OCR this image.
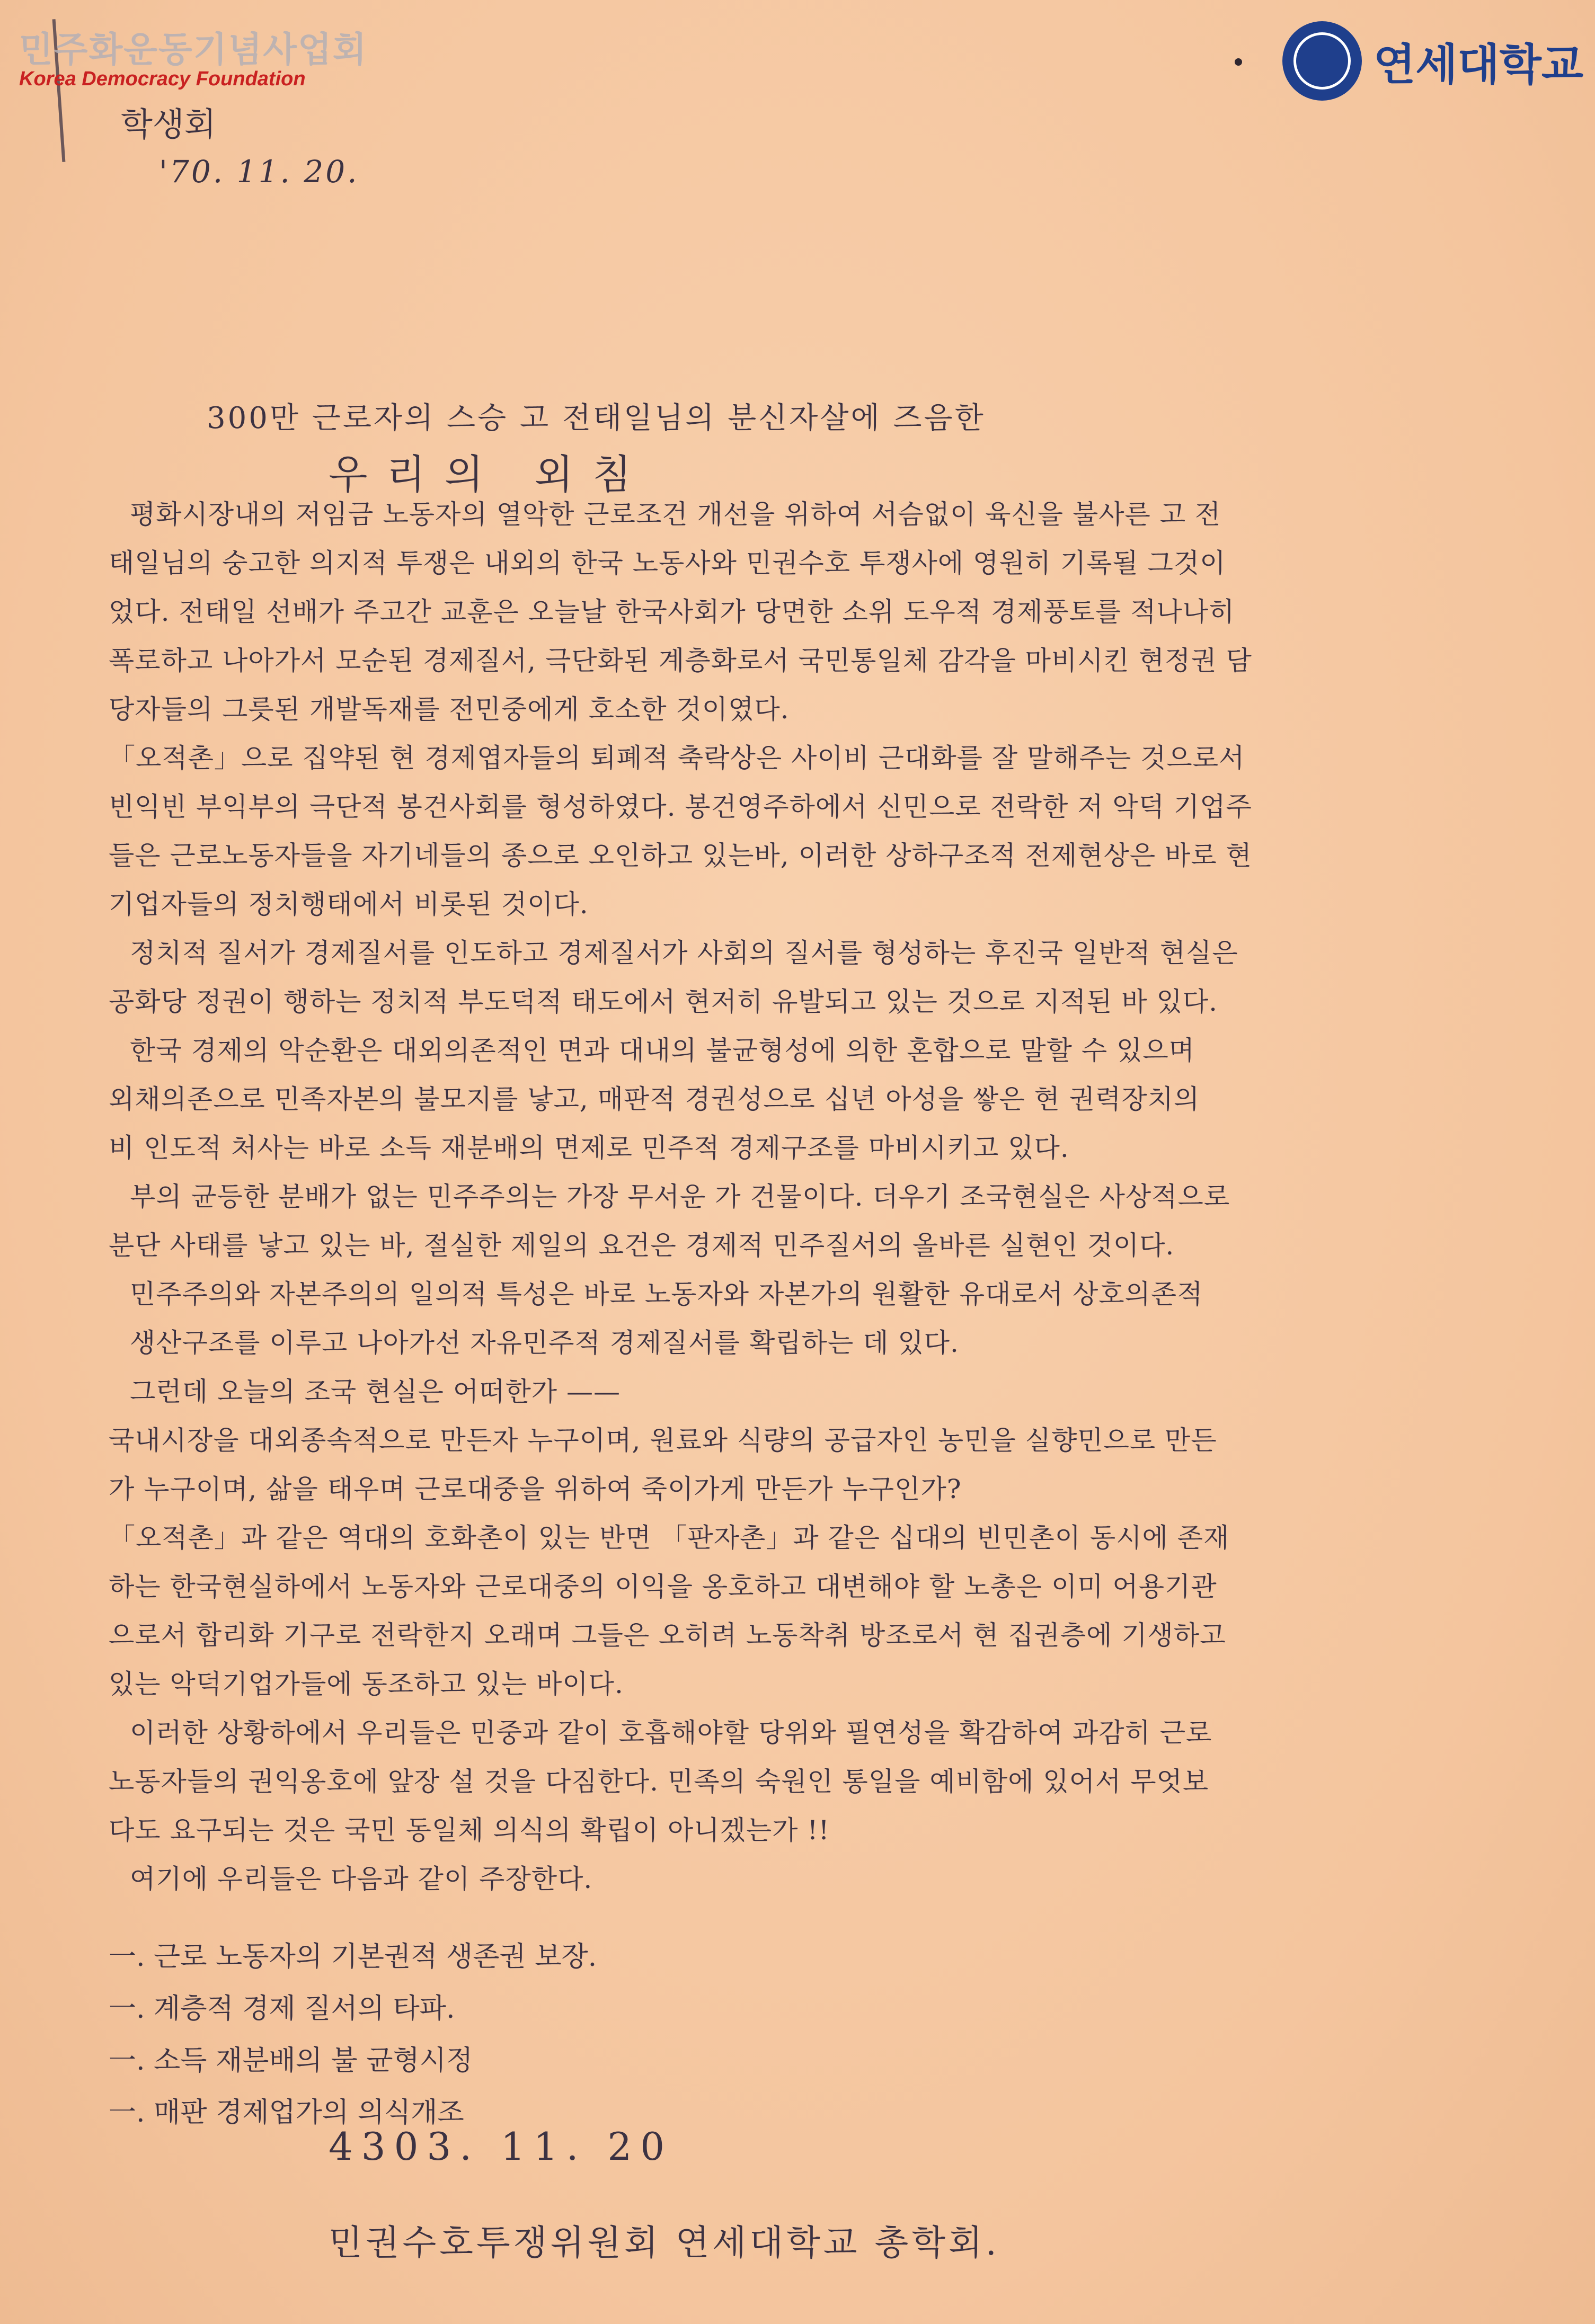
민주화운동기념사업회
Korea Democracy Foundation
학생회
'70. 11. 20.
연세대학교
300만 근로자의 스승 고 전태일님의 분신자살에 즈음한
우리의 외침
평화시장내의 저임금 노동자의 열악한 근로조건 개선을 위하여 서슴없이 육신을 불사른 고 전
태일님의 숭고한 의지적 투쟁은 내외의 한국 노동사와 민권수호 투쟁사에 영원히 기록될 그것이
었다. 전태일 선배가 주고간 교훈은 오늘날 한국사회가 당면한 소위 도우적 경제풍토를 적나나히
폭로하고 나아가서 모순된 경제질서, 극단화된 계층화로서 국민통일체 감각을 마비시킨 현정권 담
당자들의 그릇된 개발독재를 전민중에게 호소한 것이였다.
「오적촌」으로 집약된 현 경제엽자들의 퇴폐적 축락상은 사이비 근대화를 잘 말해주는 것으로서
빈익빈 부익부의 극단적 봉건사회를 형성하였다. 봉건영주하에서 신민으로 전락한 저 악덕 기업주
들은 근로노동자들을 자기네들의 종으로 오인하고 있는바, 이러한 상하구조적 전제현상은 바로 현
기업자들의 정치행태에서 비롯된 것이다.
정치적 질서가 경제질서를 인도하고 경제질서가 사회의 질서를 형성하는 후진국 일반적 현실은
공화당 정권이 행하는 정치적 부도덕적 태도에서 현저히 유발되고 있는 것으로 지적된 바 있다.
한국 경제의 악순환은 대외의존적인 면과 대내의 불균형성에 의한 혼합으로 말할 수 있으며
외채의존으로 민족자본의 불모지를 낳고, 매판적 경권성으로 십년 아성을 쌓은 현 권력장치의
비 인도적 처사는 바로 소득 재분배의 면제로 민주적 경제구조를 마비시키고 있다.
부의 균등한 분배가 없는 민주주의는 가장 무서운 가 건물이다. 더우기 조국현실은 사상적으로
분단 사태를 낳고 있는 바, 절실한 제일의 요건은 경제적 민주질서의 올바른 실현인 것이다.
민주주의와 자본주의의 일의적 특성은 바로 노동자와 자본가의 원활한 유대로서 상호의존적
생산구조를 이루고 나아가선 자유민주적 경제질서를 확립하는 데 있다.
그런데 오늘의 조국 현실은 어떠한가 ——
국내시장을 대외종속적으로 만든자 누구이며, 원료와 식량의 공급자인 농민을 실향민으로 만든
가 누구이며, 삶을 태우며 근로대중을 위하여 죽이가게 만든가 누구인가?
「오적촌」과 같은 역대의 호화촌이 있는 반면 「판자촌」과 같은 십대의 빈민촌이 동시에 존재
하는 한국현실하에서 노동자와 근로대중의 이익을 옹호하고 대변해야 할 노총은 이미 어용기관
으로서 합리화 기구로 전락한지 오래며 그들은 오히려 노동착취 방조로서 현 집권층에 기생하고
있는 악덕기업가들에 동조하고 있는 바이다.
이러한 상황하에서 우리들은 민중과 같이 호흡해야할 당위와 필연성을 확감하여 과감히 근로
노동자들의 권익옹호에 앞장 설 것을 다짐한다. 민족의 숙원인 통일을 예비함에 있어서 무엇보
다도 요구되는 것은 국민 동일체 의식의 확립이 아니겠는가 !!
여기에 우리들은 다음과 같이 주장한다.
一. 근로 노동자의 기본권적 생존권 보장.
一. 계층적 경제 질서의 타파.
一. 소득 재분배의 불 균형시정
一. 매판 경제업가의 의식개조
4303. 11. 20
민권수호투쟁위원회 연세대학교 총학회.
